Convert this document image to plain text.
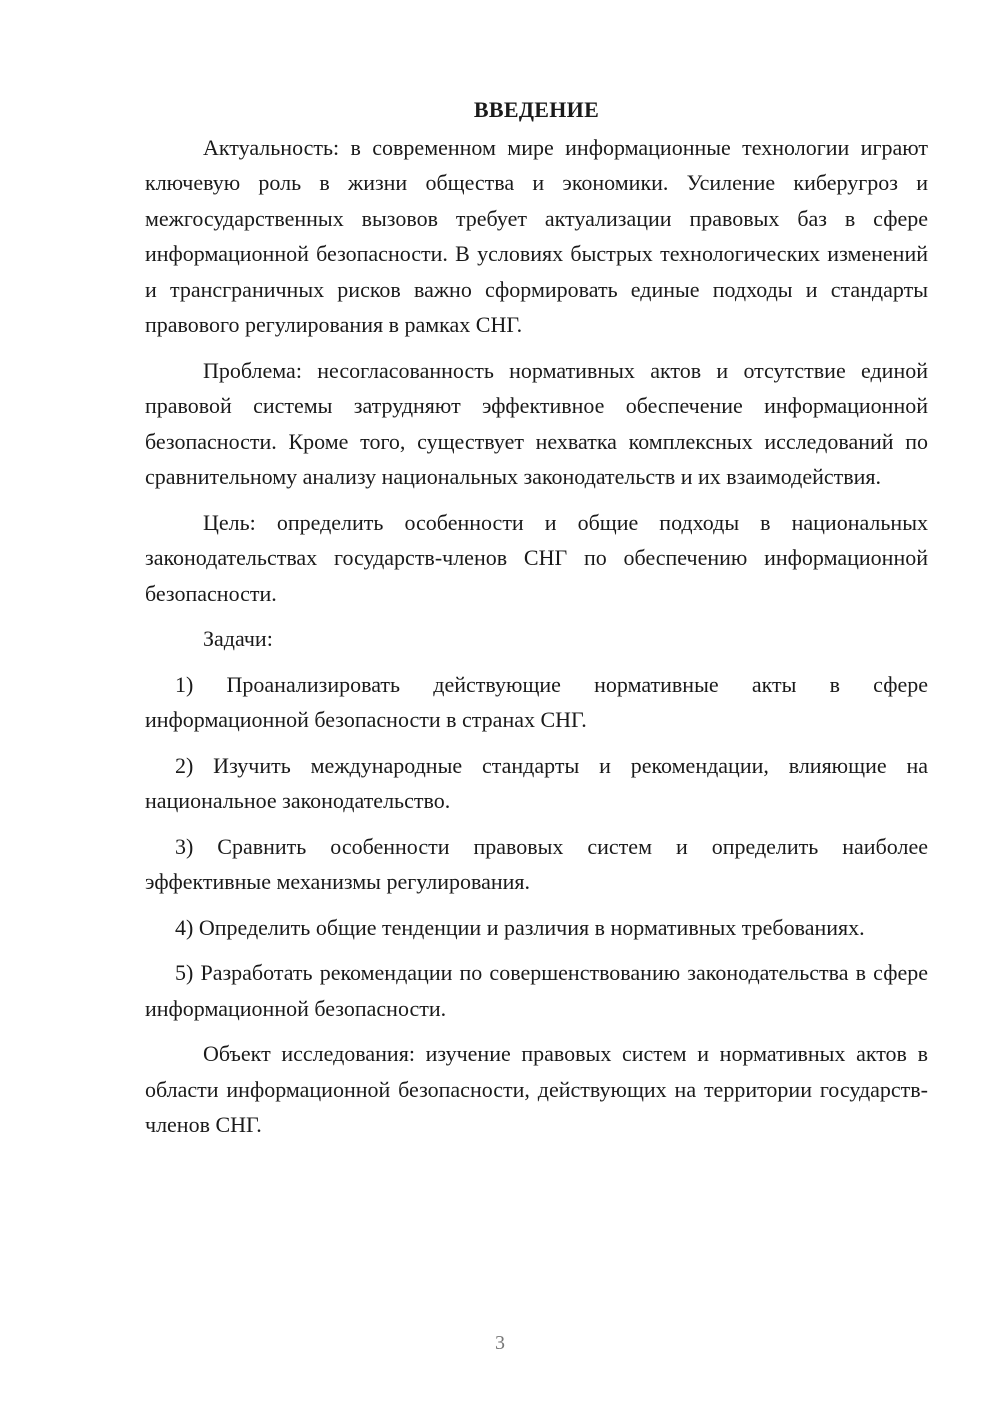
ВВЕДЕНИЕ

Актуальность: в современном мире информационные технологии играют ключевую роль в жизни общества и экономики. Усиление киберугроз и межгосударственных вызовов требует актуализации правовых баз в сфере информационной безопасности. В условиях быстрых технологических изменений и трансграничных рисков важно сформировать единые подходы и стандарты правового регулирования в рамках СНГ.

Проблема: несогласованность нормативных актов и отсутствие единой правовой системы затрудняют эффективное обеспечение информационной безопасности. Кроме того, существует нехватка комплексных исследований по сравнительному анализу национальных законодательств и их взаимодействия.

Цель: определить особенности и общие подходы в национальных законодательствах государств-членов СНГ по обеспечению информационной безопасности.

Задачи:

1) Проанализировать действующие нормативные акты в сфере информационной безопасности в странах СНГ.

2) Изучить международные стандарты и рекомендации, влияющие на национальное законодательство.

3) Сравнить особенности правовых систем и определить наиболее эффективные механизмы регулирования.

4) Определить общие тенденции и различия в нормативных требованиях.

5) Разработать рекомендации по совершенствованию законодательства в сфере информационной безопасности.

Объект исследования: изучение правовых систем и нормативных актов в области информационной безопасности, действующих на территории государств-членов СНГ.

3
